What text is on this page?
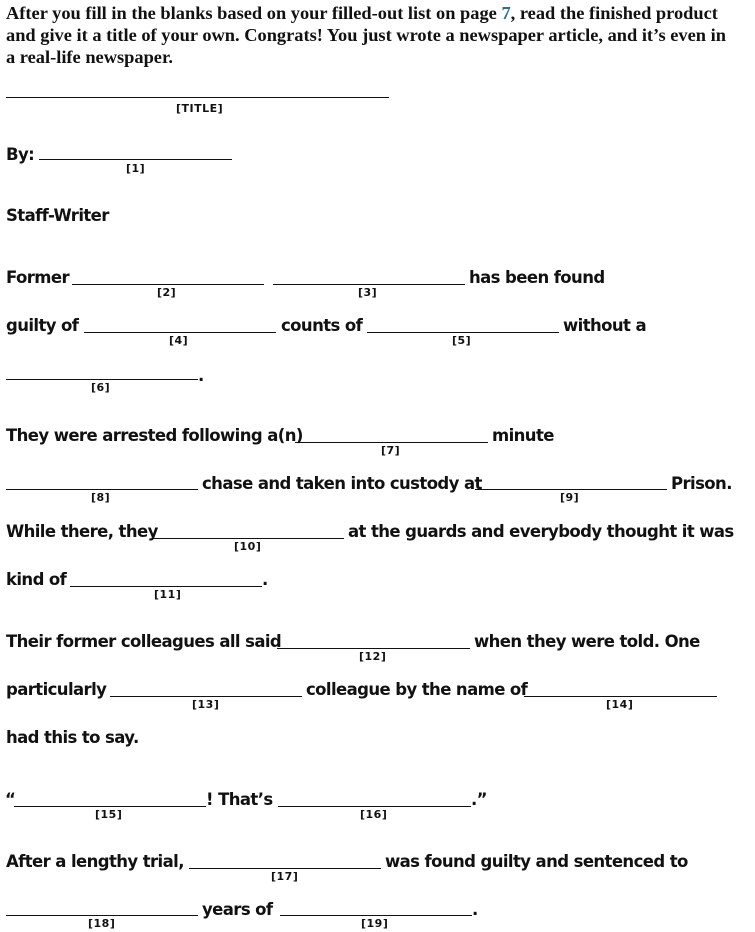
After you fill in the blanks based on your filled-out list on page 7, read the finished product and give it a title of your own. Congrats! You just wrote a newspaper article, and it’s even in a real-life newspaper.
[TITLE]
By:
[1]
Staff-Writer
Former
[2]	[3]
has been found
guilty of
[4]
counts of
[5]
without a
[6]
.
They were arrested following a(n)
[7]
minute
[8]
chase and taken into custody at
[9]
Prison.
While there, they
[10]
at the guards and everybody thought it was
kind of
[11]
.
Their former colleagues all said
[12]
when they were told. One
particularly
[13]
colleague by the name of
[14]
had this to say.
“
[15]
! That’s
[16]
.”
After a lengthy trial,
[17]
was found guilty and sentenced to
[18]
years of
[19]
.
